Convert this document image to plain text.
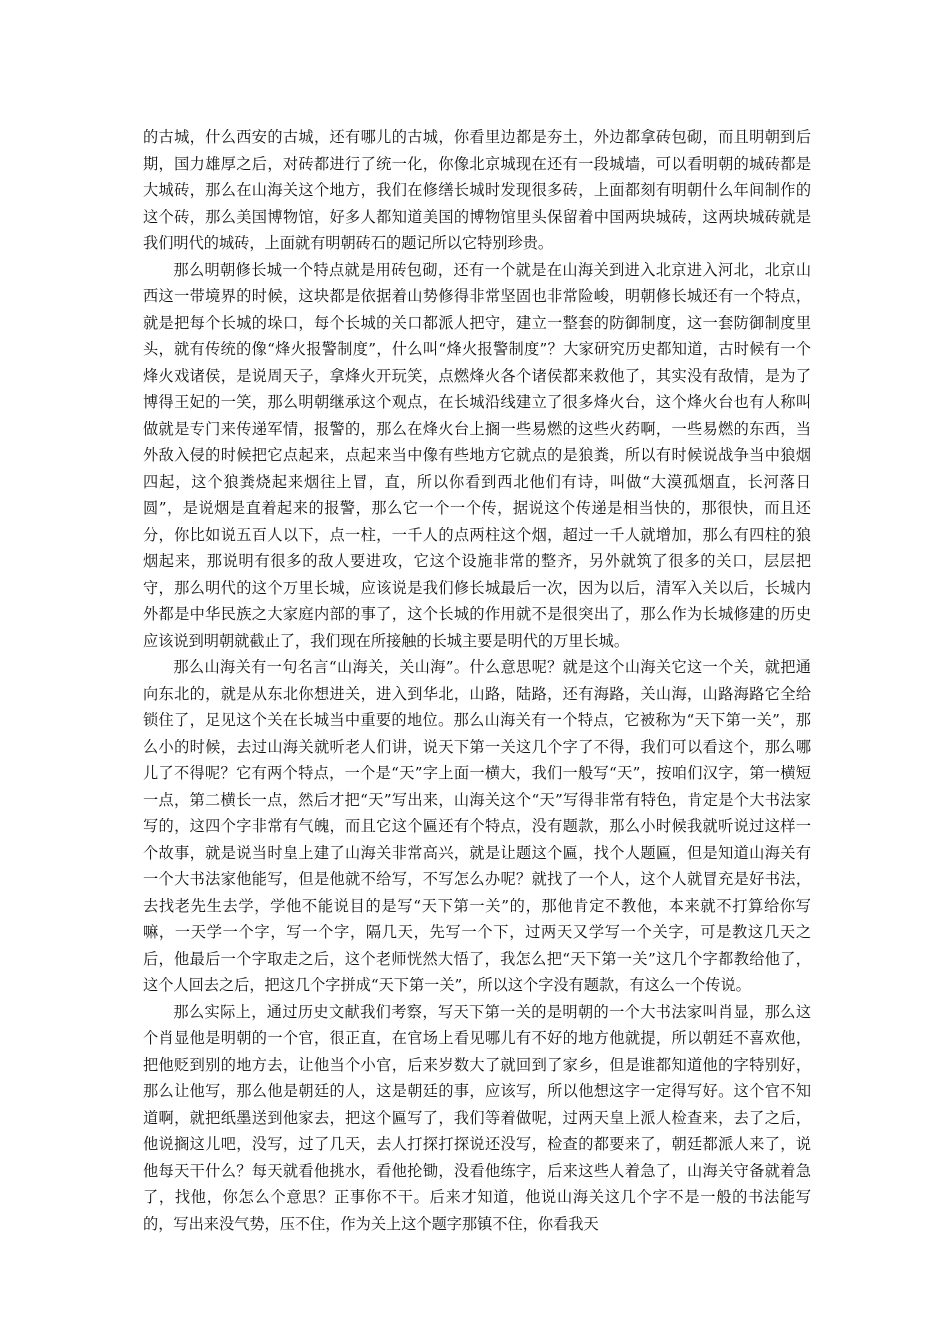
的古城，什么西安的古城，还有哪儿的古城，你看里边都是夯土，外边都拿砖包砌，而且明朝到后期，国力雄厚之后，对砖都进行了统一化，你像北京城现在还有一段城墙，可以看明朝的城砖都是大城砖，那么在山海关这个地方，我们在修缮长城时发现很多砖，上面都刻有明朝什么年间制作的这个砖，那么美国博物馆，好多人都知道美国的博物馆里头保留着中国两块城砖，这两块城砖就是我们明代的城砖，上面就有明朝砖石的题记所以它特别珍贵。

那么明朝修长城一个特点就是用砖包砌，还有一个就是在山海关到进入北京进入河北，北京山西这一带境界的时候，这块都是依据着山势修得非常坚固也非常险峻，明朝修长城还有一个特点，就是把每个长城的垛口，每个长城的关口都派人把守，建立一整套的防御制度，这一套防御制度里头，就有传统的像“烽火报警制度”，什么叫“烽火报警制度”？大家研究历史都知道，古时候有一个烽火戏诸侯，是说周天子，拿烽火开玩笑，点燃烽火各个诸侯都来救他了，其实没有敌情，是为了博得王妃的一笑，那么明朝继承这个观点，在长城沿线建立了很多烽火台，这个烽火台也有人称叫做就是专门来传递军情，报警的，那么在烽火台上搁一些易燃的这些火药啊，一些易燃的东西，当外敌入侵的时候把它点起来，点起来当中像有些地方它就点的是狼粪，所以有时候说战争当中狼烟四起，这个狼粪烧起来烟往上冒，直，所以你看到西北他们有诗，叫做“大漠孤烟直，长河落日圆”，是说烟是直着起来的报警，那么它一个一个传，据说这个传递是相当快的，那很快，而且还分，你比如说五百人以下，点一柱，一千人的点两柱这个烟，超过一千人就增加，那么有四柱的狼烟起来，那说明有很多的敌人要进攻，它这个设施非常的整齐，另外就筑了很多的关口，层层把守，那么明代的这个万里长城，应该说是我们修长城最后一次，因为以后，清军入关以后，长城内外都是中华民族之大家庭内部的事了，这个长城的作用就不是很突出了，那么作为长城修建的历史应该说到明朝就截止了，我们现在所接触的长城主要是明代的万里长城。

那么山海关有一句名言“山海关，关山海”。什么意思呢？就是这个山海关它这一个关，就把通向东北的，就是从东北你想进关，进入到华北，山路，陆路，还有海路，关山海，山路海路它全给锁住了，足见这个关在长城当中重要的地位。那么山海关有一个特点，它被称为“天下第一关”，那么小的时候，去过山海关就听老人们讲，说天下第一关这几个字了不得，我们可以看这个，那么哪儿了不得呢？它有两个特点，一个是“天”字上面一横大，我们一般写“天”，按咱们汉字，第一横短一点，第二横长一点，然后才把“天”写出来，山海关这个“天”写得非常有特色，肯定是个大书法家写的，这四个字非常有气魄，而且它这个匾还有个特点，没有题款，那么小时候我就听说过这样一个故事，就是说当时皇上建了山海关非常高兴，就是让题这个匾，找个人题匾，但是知道山海关有一个大书法家他能写，但是他就不给写，不写怎么办呢？就找了一个人，这个人就冒充是好书法，去找老先生去学，学他不能说目的是写“天下第一关”的，那他肯定不教他，本来就不打算给你写嘛，一天学一个字，写一个字，隔几天，先写一个下，过两天又学写一个关字，可是教这几天之后，他最后一个字取走之后，这个老师恍然大悟了，我怎么把“天下第一关”这几个字都教给他了，这个人回去之后，把这几个字拼成“天下第一关”，所以这个字没有题款，有这么一个传说。

那么实际上，通过历史文献我们考察，写天下第一关的是明朝的一个大书法家叫肖显，那么这个肖显他是明朝的一个官，很正直，在官场上看见哪儿有不好的地方他就提，所以朝廷不喜欢他，把他贬到别的地方去，让他当个小官，后来岁数大了就回到了家乡，但是谁都知道他的字特别好，那么让他写，那么他是朝廷的人，这是朝廷的事，应该写，所以他想这字一定得写好。这个官不知道啊，就把纸墨送到他家去，把这个匾写了，我们等着做呢，过两天皇上派人检查来，去了之后，他说搁这儿吧，没写，过了几天，去人打探打探说还没写，检查的都要来了，朝廷都派人来了，说他每天干什么？每天就看他挑水，看他抡锄，没看他练字，后来这些人着急了，山海关守备就着急了，找他，你怎么个意思？正事你不干。后来才知道，他说山海关这几个字不是一般的书法能写的，写出来没气势，压不住，作为关上这个题字那镇不住，你看我天
